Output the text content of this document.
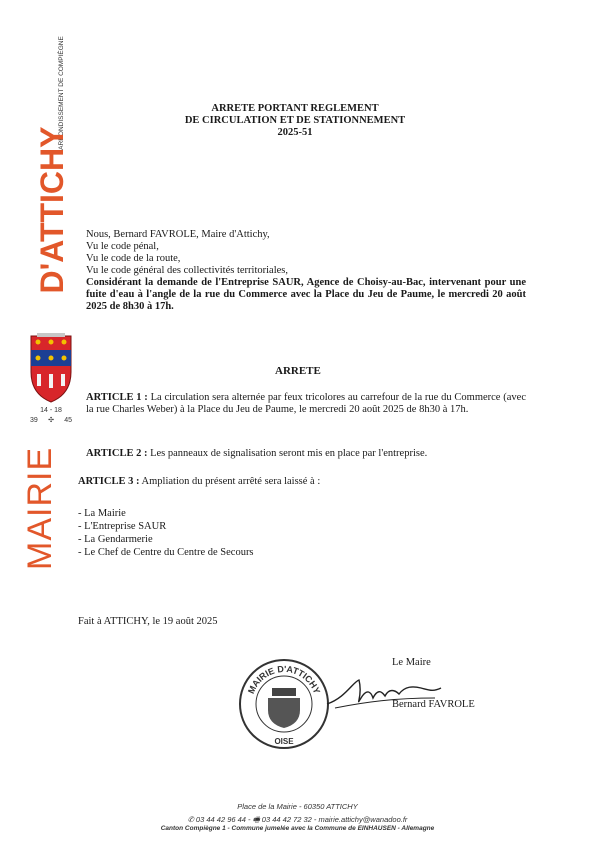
ARRONDISSEMENT DE COMPIÈGNE
D'ATTICHY
14 - 18
39 ✣ 45
MAIRIE
ARRETE PORTANT REGLEMENT
DE CIRCULATION ET DE STATIONNEMENT
2025-51
Nous, Bernard FAVROLE, Maire d'Attichy,
Vu le code pénal,
Vu le code de la route,
Vu le code général des collectivités territoriales,
Considérant la demande de l'Entreprise SAUR, Agence de Choisy-au-Bac, intervenant pour une fuite d'eau à l'angle de la rue du Commerce avec la Place du Jeu de Paume, le mercredi 20 août 2025 de 8h30 à 17h.
ARRETE
ARTICLE 1 : La circulation sera alternée par feux tricolores au carrefour de la rue du Commerce (avec la rue Charles Weber) à la Place du Jeu de Paume, le mercredi 20 août 2025 de 8h30 à 17h.
ARTICLE 2 : Les panneaux de signalisation seront mis en place par l'entreprise.
ARTICLE 3 : Ampliation du présent arrêté sera laissé à :
- La Mairie
- L'Entreprise SAUR
- La Gendarmerie
- Le Chef de Centre du Centre de Secours
Fait à ATTICHY, le 19 août 2025
Le Maire
Bernard FAVROLE
MAIRIE D'ATTICHY
OISE
Place de la Mairie - 60350 ATTICHY
✆ 03 44 42 96 44 - 🖷 03 44 42 72 32 - mairie.attichy@wanadoo.fr
Canton Compiègne 1 - Commune jumelée avec la Commune de EINHAUSEN - Allemagne
